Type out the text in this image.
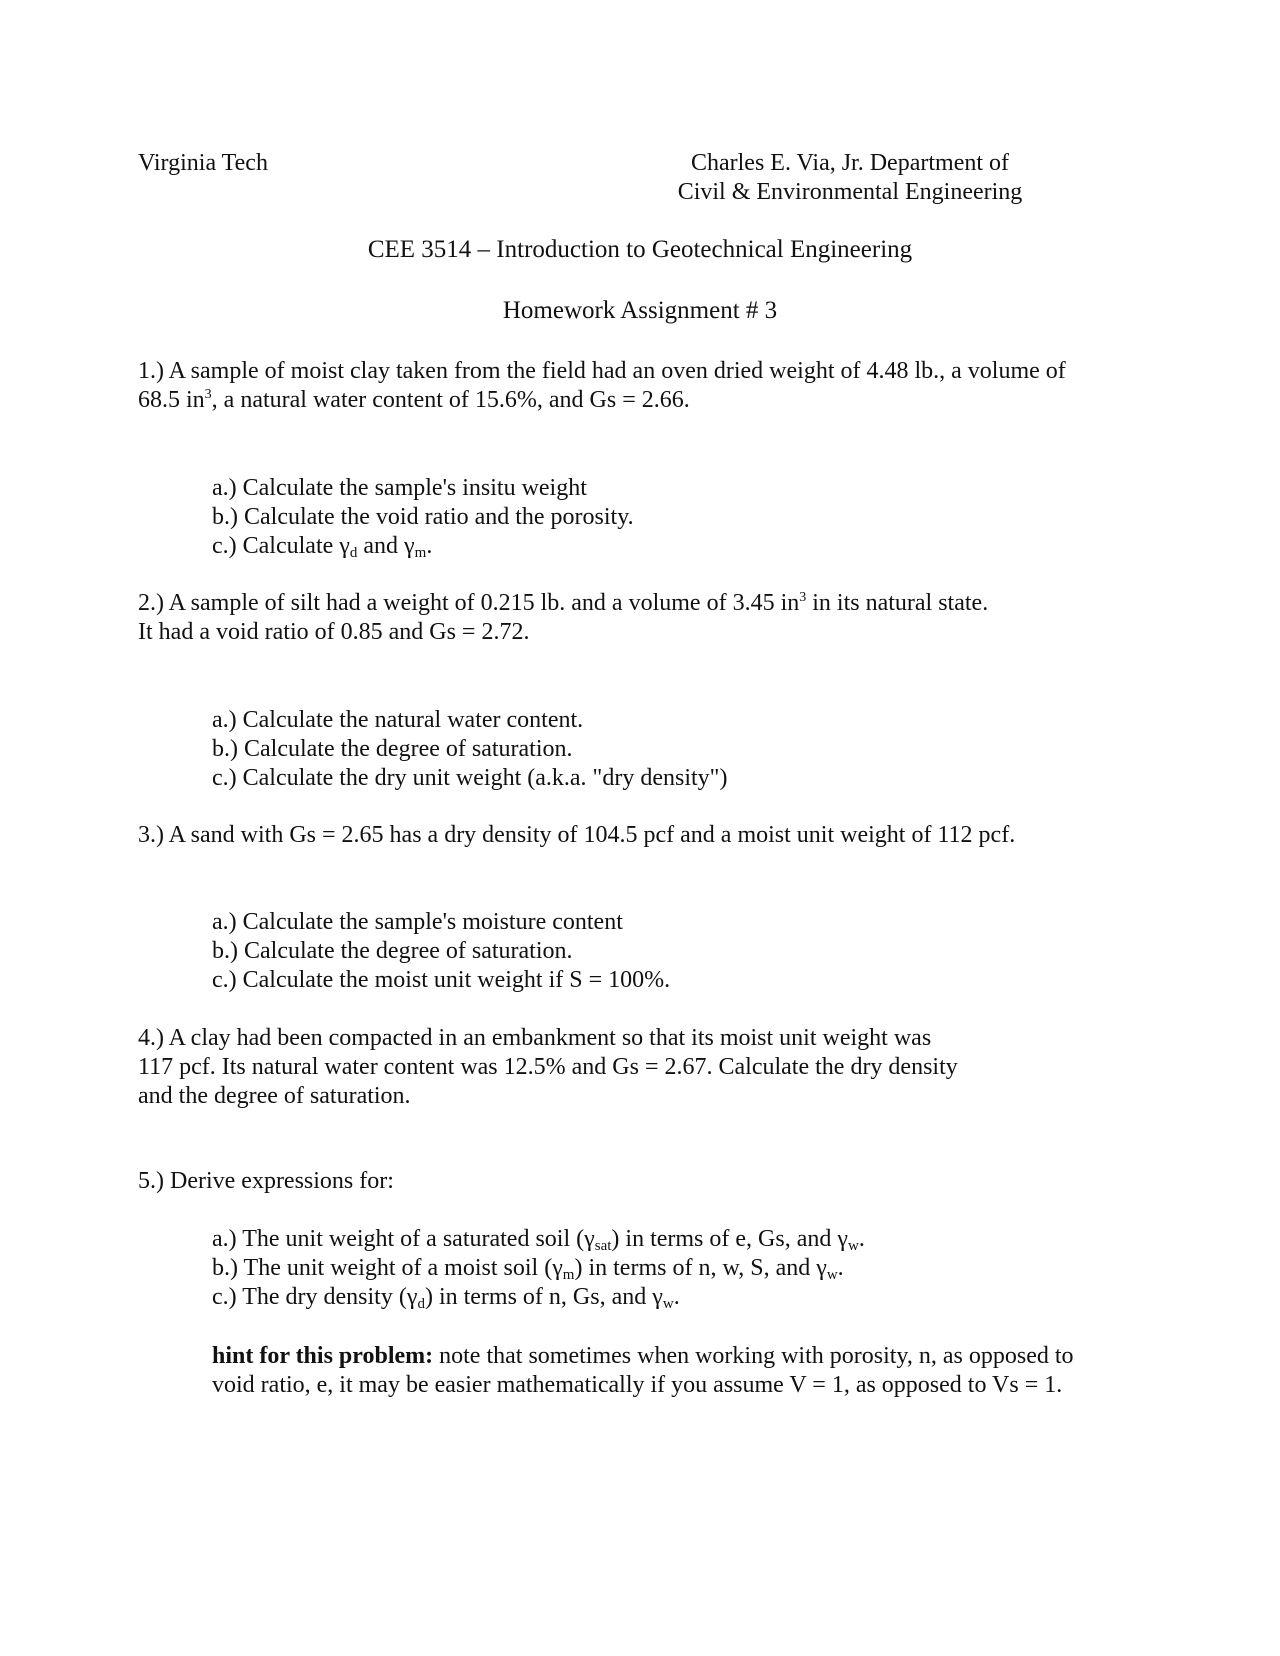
Virginia Tech	Charles E. Via, Jr. Department of
Civil & Environmental Engineering
CEE 3514 – Introduction to Geotechnical Engineering
Homework Assignment # 3
1.) A sample of moist clay taken from the field had an oven dried weight of 4.48 lb., a volume of
68.5 $in^3$, a natural water content of 15.6%, and Gs = 2.66.
a.) Calculate the sample's insitu weight
b.) Calculate the void ratio and the porosity.
c.) Calculate $\gamma_d$ and $\gamma_m$.
2.) A sample of silt had a weight of 0.215 lb. and a volume of 3.45 $in^3$ in its natural state.
It had a void ratio of 0.85 and Gs = 2.72.
a.) Calculate the natural water content.
b.) Calculate the degree of saturation.
c.) Calculate the dry unit weight (a.k.a. "dry density")
3.) A sand with Gs = 2.65 has a dry density of 104.5 pcf and a moist unit weight of 112 pcf.
a.) Calculate the sample's moisture content
b.) Calculate the degree of saturation.
c.) Calculate the moist unit weight if S = 100%.
4.) A clay had been compacted in an embankment so that its moist unit weight was
117 pcf. Its natural water content was 12.5% and Gs = 2.67. Calculate the dry density
and the degree of saturation.
5.) Derive expressions for:
a.) The unit weight of a saturated soil $(\gamma_{sat})$ in terms of e, Gs, and $\gamma_w$.
b.) The unit weight of a moist soil $(\gamma_m)$ in terms of n, w, S, and $\gamma_w$.
c.) The dry density $(\gamma_d)$ in terms of n, Gs, and $\gamma_w$.
hint for this problem: note that sometimes when working with porosity, n, as opposed to
void ratio, e, it may be easier mathematically if you assume V = 1, as opposed to Vs = 1.
